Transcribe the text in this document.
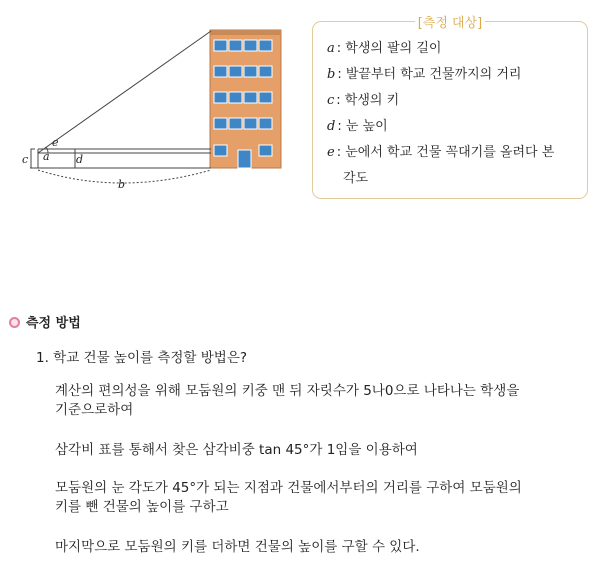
a
b
c	d
e
[측정 대상]
a : 학생의 팔의 길이
b : 발끝부터 학교 건물까지의 거리
c : 학생의 키
d : 눈 높이
e : 눈에서 학교 건물 꼭대기를 올려다 본
각도
측정 방법
1. 학교 건물 높이를 측정할 방법은?
계산의 편의성을 위해 모둠원의 키중 맨 뒤 자릿수가 5나0으로 나타나는 학생을
기준으로하여
삼각비 표를 통해서 찾은 삼각비중 tan 45°가 1임을 이용하여
모둠원의 눈 각도가 45°가 되는 지점과 건물에서부터의 거리를 구하여 모둠원의
키를 뺀 건물의 높이를 구하고
마지막으로 모둠원의 키를 더하면 건물의 높이를 구할 수 있다.
